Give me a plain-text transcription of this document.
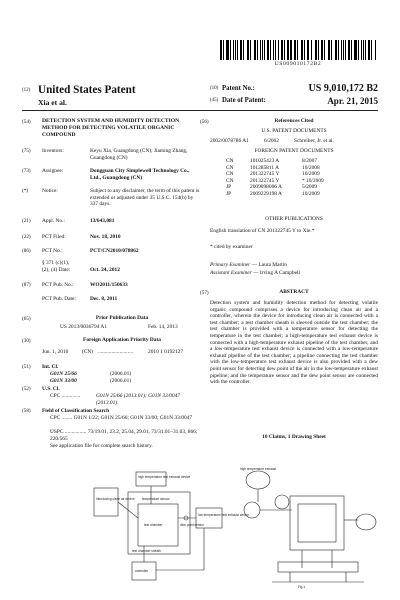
US009010172B2
(12) United States Patent
Xia et al.
(10) Patent No.:	US 9,010,172 B2
(45) Date of Patent:	Apr. 21, 2015
(54)	DETECTION SYSTEM AND HUMIDITY DETECTION METHOD FOR DETECTING VOLATILE ORGANIC COMPOUND
(75)	Inventors:	Keyu Xia, Guangdong (CN); Jiaming Zhang, Guangdong (CN)
(73)	Assignee:	Dongguan City Simplewell Technology Co., Ltd., Guangdong (CN)
(*)	Notice:	Subject to any disclaimer, the term of this patent is extended or adjusted under 35 U.S.C. 154(b) by 337 days.
(21)	Appl. No.:	13/643,081
(22)	PCT Filed:	Nov. 18, 2010
(86)	PCT No.:	PCT/CN2010/078862
§ 371 (c)(1),
(2), (4) Date:	Oct. 24, 2012
(87)	PCT Pub. No.:	WO2011/150633
PCT Pub. Date:	Dec. 8, 2011
(65)	Prior Publication Data
US 2013/0036794 A1	Feb. 14, 2013
(30)	Foreign Application Priority Data
Jun. 1, 2010	(CN) ..........................	2010 1 0192127
(51)	Int. Cl.
G01N 25/66	(2006.01)
G01N 33/00	(2006.01)
(52)	U.S. Cl.
CPC ..............	G01N 25/66 (2013.01); G01N 33/0047 (2013.01)
(58)	Field of Classification Search
CPC ........ G01N 1/22; G01N 25/66; G01N 33/00; G01N 33/0047
USPC ................ 73/19.01, 23.2, 25.04, 29.01, 73/31.01–31.03, 866; 220/565
See application file for complete search history.
(56)	References Cited
U.S. PATENT DOCUMENTS
2002/0078786 A1	6/2002	Schreiber, Jr. et al.
FOREIGN PATENT DOCUMENTS
CN	101025423 A	8/2007
CN	101285811 A	10/2008
CN	201322745 Y	10/2009
CN	201322745 Y	* 10/2009
JP	2009098006 A	5/2009
JP	2009229198 A	10/2009
OTHER PUBLICATIONS
English translation of CN 201322745 Y to Xie.*
* cited by examiner
Primary Examiner — Laura Martin
Assistant Examiner — Irving A Campbell
(57)	ABSTRACT
Detection system and humidity detection method for detecting volatile organic compound comprises a device for introducing clean air and a controller, wherein the device for introducing clean air is connected with a test chamber; a test chamber sheath is sleeved outside the test chamber; the test chamber is provided with a temperature sensor for detecting the temperature in the test chamber; a high-temperature test exhaust device is connected with a high-temperature exhaust pipeline of the test chamber, and a low-temperature test exhaust device is connected with a low-temperature exhaust pipeline of the test chamber; a pipeline connecting the test chamber with the low-temperature test exhaust device is also provided with a dew point sensor for detecting dew point of the air in the low-temperature exhaust pipeline; and the temperature sensor and the dew point sensor are connected with the controller.
10 Claims, 1 Drawing Sheet
high temperature test exhaust device
introducing clean air device temperature sensor
test chamber
test chamber sheath
low temperature test exhaust device
dew point sensor
controller
high temperature exhaust
Fig 1
